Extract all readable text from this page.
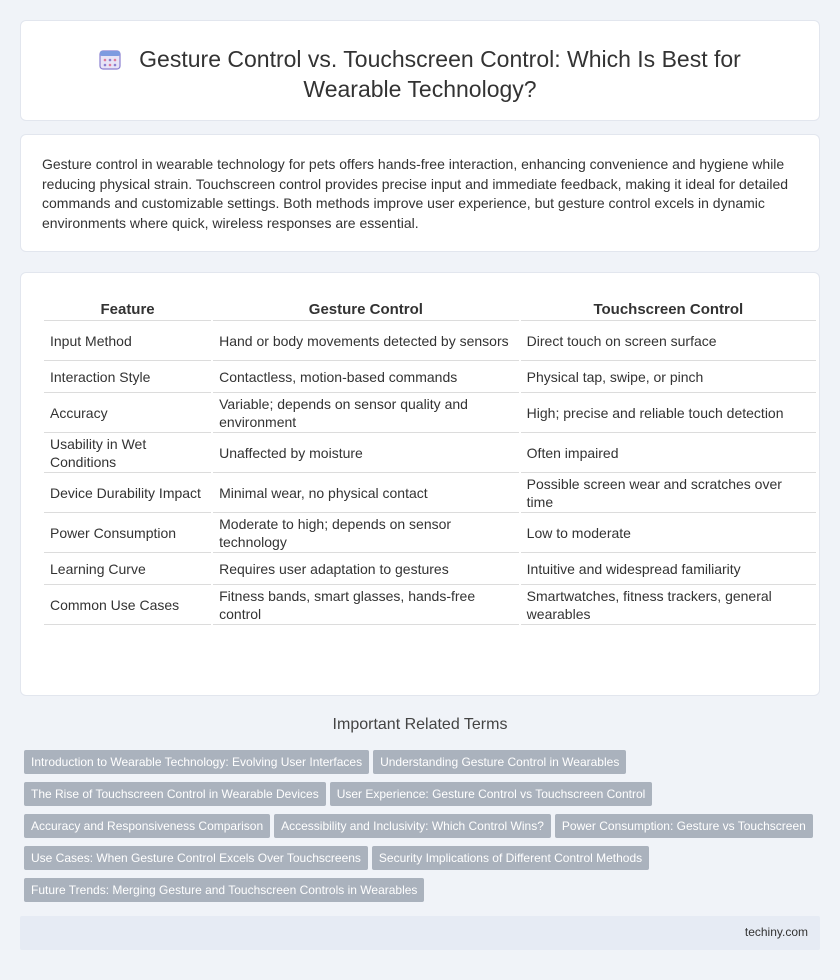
Gesture Control vs. Touchscreen Control: Which Is Best for Wearable Technology?

Gesture control in wearable technology for pets offers hands-free interaction, enhancing convenience and hygiene while reducing physical strain. Touchscreen control provides precise input and immediate feedback, making it ideal for detailed commands and customizable settings. Both methods improve user experience, but gesture control excels in dynamic environments where quick, wireless responses are essential.

Feature	Gesture Control	Touchscreen Control
Input Method	Hand or body movements detected by sensors	Direct touch on screen surface
Interaction Style	Contactless, motion-based commands	Physical tap, swipe, or pinch
Accuracy	Variable; depends on sensor quality and environment	High; precise and reliable touch detection
Usability in Wet Conditions	Unaffected by moisture	Often impaired
Device Durability Impact	Minimal wear, no physical contact	Possible screen wear and scratches over time
Power Consumption	Moderate to high; depends on sensor technology	Low to moderate
Learning Curve	Requires user adaptation to gestures	Intuitive and widespread familiarity
Common Use Cases	Fitness bands, smart glasses, hands-free control	Smartwatches, fitness trackers, general wearables
Important Related Terms
Introduction to Wearable Technology: Evolving User Interfaces Understanding Gesture Control in Wearables
The Rise of Touchscreen Control in Wearable Devices User Experience: Gesture Control vs Touchscreen Control
Accuracy and Responsiveness Comparison Accessibility and Inclusivity: Which Control Wins? Power Consumption: Gesture vs Touchscreen
Use Cases: When Gesture Control Excels Over Touchscreens Security Implications of Different Control Methods
Future Trends: Merging Gesture and Touchscreen Controls in Wearables
techiny.com
